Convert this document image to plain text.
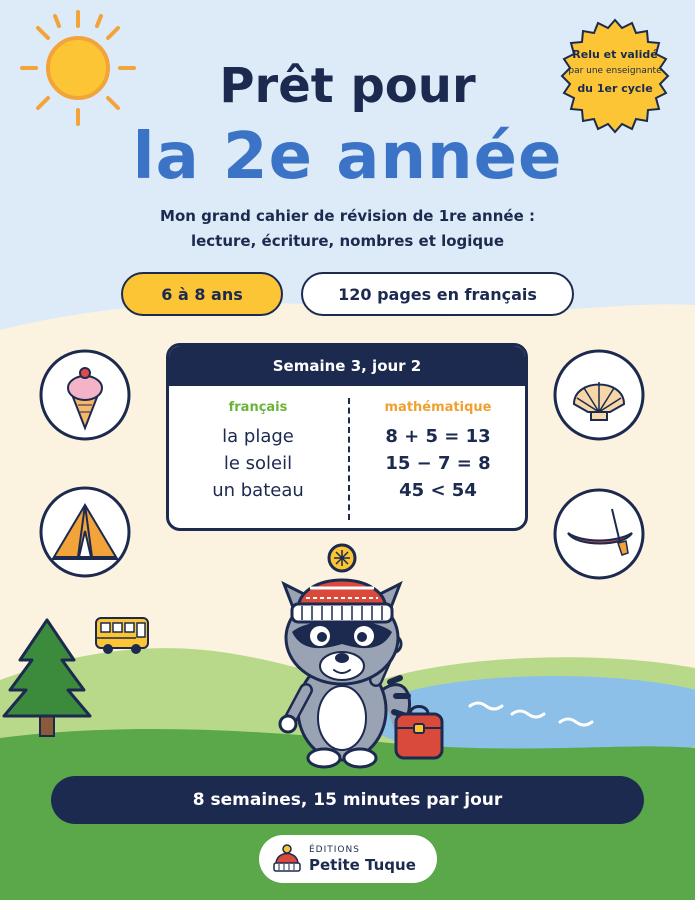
Relu et validé
par une enseignante
du 1er cycle
Prêt pour
la 2e année
Mon grand cahier de révision de 1re année :
lecture, écriture, nombres et logique
6 à 8 ans	120 pages en français
Semaine 3, jour 2
français
la plage
le soleil
un bateau
mathématique
8 + 5 = 13
15 − 7 = 8
45 < 54
8 semaines, 15 minutes par jour
ÉDITIONS
Petite Tuque
